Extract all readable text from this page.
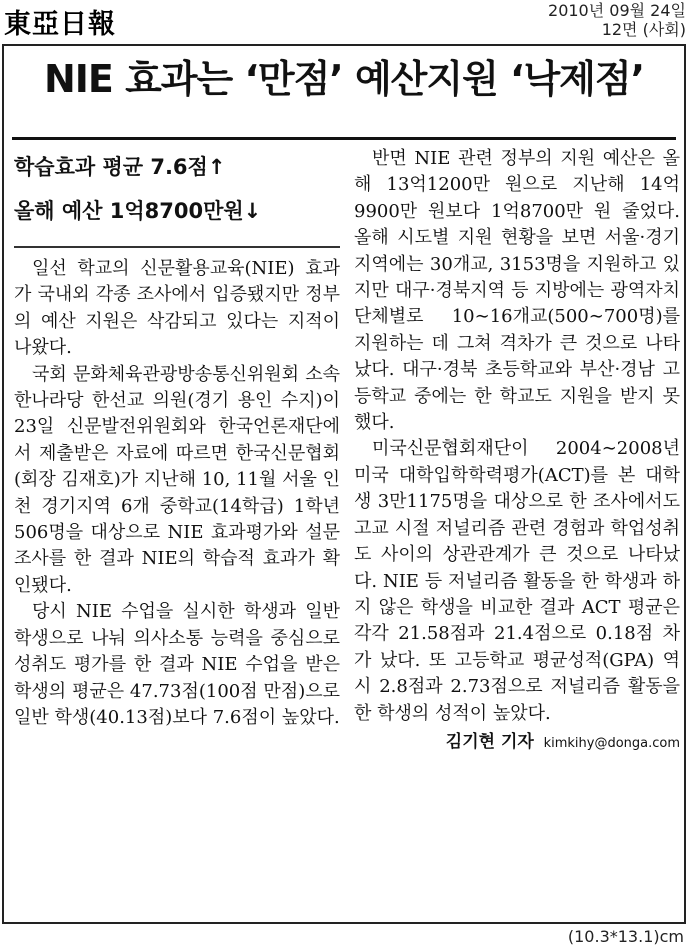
東亞日報	2010년 09월 24일
12면 (사회)
NIE 효과는 ‘만점’ 예산지원 ‘낙제점’
학습효과 평균 7.6점↑
올해 예산 1억8700만원↓

일선 학교의 신문활용교육(NIE) 효과가 국내외 각종 조사에서 입증됐지만 정부의 예산 지원은 삭감되고 있다는 지적이 나왔다.

국회 문화체육관광방송통신위원회 소속 한나라당 한선교 의원(경기 용인 수지)이 23일 신문발전위원회와 한국언론재단에서 제출받은 자료에 따르면 한국신문협회(회장 김재호)가 지난해 10, 11월 서울 인천 경기지역 6개 중학교(14학급) 1학년 506명을 대상으로 NIE 효과평가와 설문조사를 한 결과 NIE의 학습적 효과가 확인됐다.

당시 NIE 수업을 실시한 학생과 일반 학생으로 나눠 의사소통 능력을 중심으로 성취도 평가를 한 결과 NIE 수업을 받은 학생의 평균은 47.73점(100점 만점)으로 일반 학생(40.13점)보다 7.6점이 높았다.

반면 NIE 관련 정부의 지원 예산은 올해 13억1200만 원으로 지난해 14억9900만 원보다 1억8700만 원 줄었다. 올해 시도별 지원 현황을 보면 서울·경기지역에는 30개교, 3153명을 지원하고 있지만 대구·경북지역 등 지방에는 광역자치단체별로 10∼16개교(500∼700명)를 지원하는 데 그쳐 격차가 큰 것으로 나타났다. 대구·경북 초등학교와 부산·경남 고등학교 중에는 한 학교도 지원을 받지 못했다.

미국신문협회재단이 2004∼2008년 미국 대학입학학력평가(ACT)를 본 대학생 3만1175명을 대상으로 한 조사에서도 고교 시절 저널리즘 관련 경험과 학업성취도 사이의 상관관계가 큰 것으로 나타났다. NIE 등 저널리즘 활동을 한 학생과 하지 않은 학생을 비교한 결과 ACT 평균은 각각 21.58점과 21.4점으로 0.18점 차가 났다. 또 고등학교 평균성적(GPA) 역시 2.8점과 2.73점으로 저널리즘 활동을 한 학생의 성적이 높았다.

김기현 기자 kimkihy@donga.com
(10.3*13.1)cm
